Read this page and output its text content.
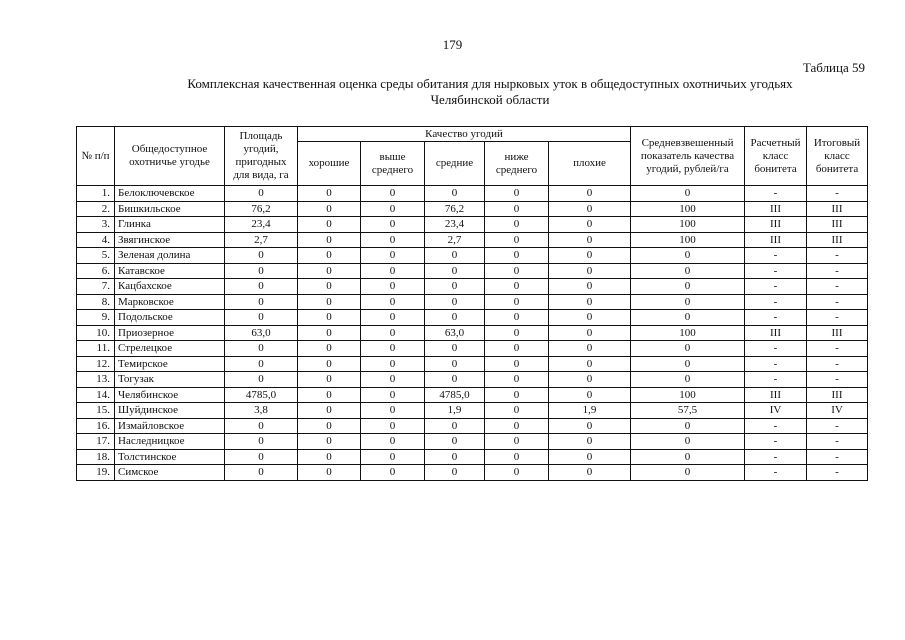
179
Таблица 59
Комплексная качественная оценка среды обитания для нырковых уток в общедоступных охотничьих угодьях
Челябинской области
№ п/п	Общедоступное охотничье угодье	Площадь угодий, пригодных для вида, га	Качество угодий					Средневзвешенный показатель качества угодий, рублей/га	Расчетный класс бонитета	Итоговый класс бонитета
			хорошие	выше среднего	средние	ниже среднего	плохие			
1.	Белоключевское	0	0	0	0	0	0	0	-	-
2.	Бишкильское	76,2	0	0	76,2	0	0	100	III	III
3.	Глинка	23,4	0	0	23,4	0	0	100	III	III
4.	Звягинское	2,7	0	0	2,7	0	0	100	III	III
5.	Зеленая долина	0	0	0	0	0	0	0	-	-
6.	Катавское	0	0	0	0	0	0	0	-	-
7.	Кацбахское	0	0	0	0	0	0	0	-	-
8.	Марковское	0	0	0	0	0	0	0	-	-
9.	Подольское	0	0	0	0	0	0	0	-	-
10.	Приозерное	63,0	0	0	63,0	0	0	100	III	III
11.	Стрелецкое	0	0	0	0	0	0	0	-	-
12.	Темирское	0	0	0	0	0	0	0	-	-
13.	Тогузак	0	0	0	0	0	0	0	-	-
14.	Челябинское	4785,0	0	0	4785,0	0	0	100	III	III
15.	Шуйдинское	3,8	0	0	1,9	0	1,9	57,5	IV	IV
16.	Измайловское	0	0	0	0	0	0	0	-	-
17.	Наследницкое	0	0	0	0	0	0	0	-	-
18.	Толстинское	0	0	0	0	0	0	0	-	-
19.	Симское	0	0	0	0	0	0	0	-	-
